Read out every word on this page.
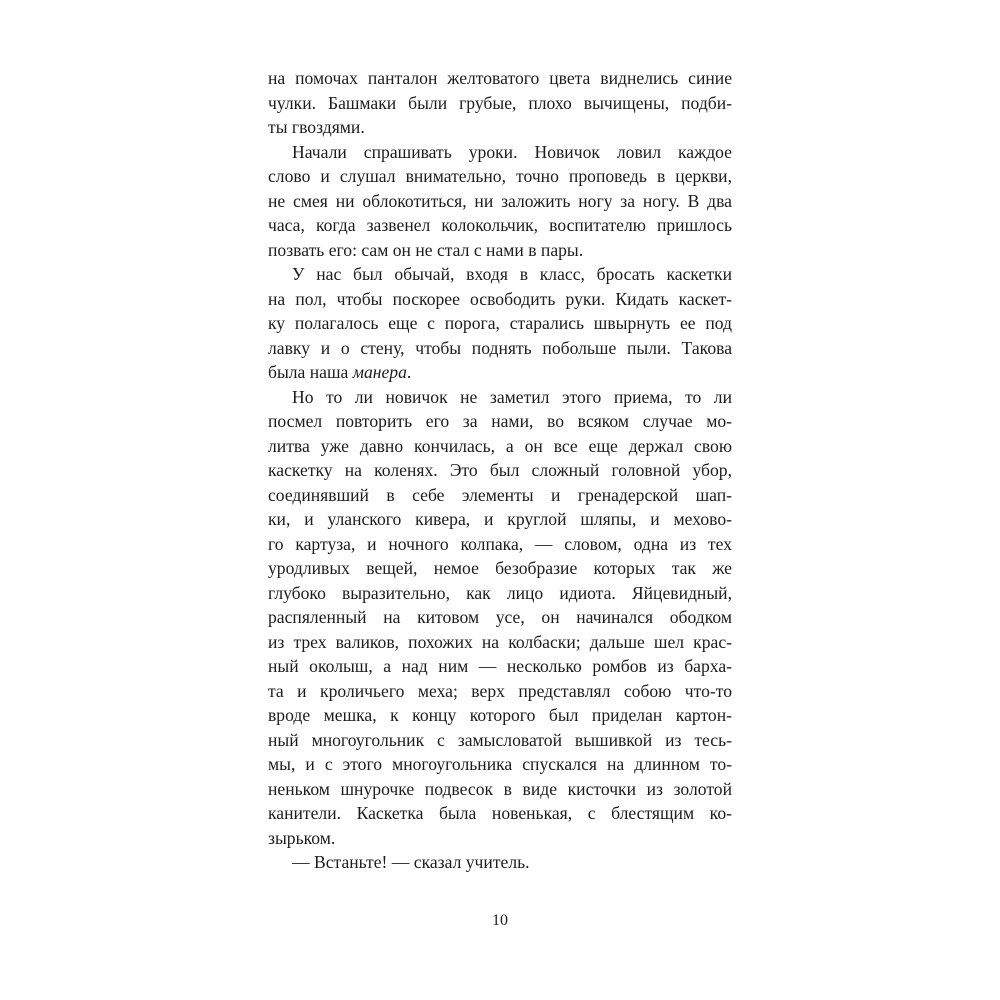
на помочах панталон желтоватого цвета виднелись синие
чулки. Башмаки были грубые, плохо вычищены, подби-
ты гвоздями.
Начали спрашивать уроки. Новичок ловил каждое
слово и слушал внимательно, точно проповедь в церкви,
не смея ни облокотиться, ни заложить ногу за ногу. В два
часа, когда зазвенел колокольчик, воспитателю пришлось
позвать его: сам он не стал с нами в пары.
У нас был обычай, входя в класс, бросать каскетки
на пол, чтобы поскорее освободить руки. Кидать каскет-
ку полагалось еще с порога, старались швырнуть ее под
лавку и о стену, чтобы поднять побольше пыли. Такова
была наша манера.
Но то ли новичок не заметил этого приема, то ли
посмел повторить его за нами, во всяком случае мо-
литва уже давно кончилась, а он все еще держал свою
каскетку на коленях. Это был сложный головной убор,
соединявший в себе элементы и гренадерской шап-
ки, и уланского кивера, и круглой шляпы, и мехово-
го картуза, и ночного колпака, — словом, одна из тех
уродливых вещей, немое безобразие которых так же
глубоко выразительно, как лицо идиота. Яйцевидный,
распяленный на китовом усе, он начинался ободком
из трех валиков, похожих на колбаски; дальше шел крас-
ный околыш, а над ним — несколько ромбов из барха-
та и кроличьего меха; верх представлял собою что-то
вроде мешка, к концу которого был приделан картон-
ный многоугольник с замысловатой вышивкой из тесь-
мы, и с этого многоугольника спускался на длинном то-
неньком шнурочке подвесок в виде кисточки из золотой
канители. Каскетка была новенькая, с блестящим ко-
зырьком.
— Встаньте! — сказал учитель.
10
